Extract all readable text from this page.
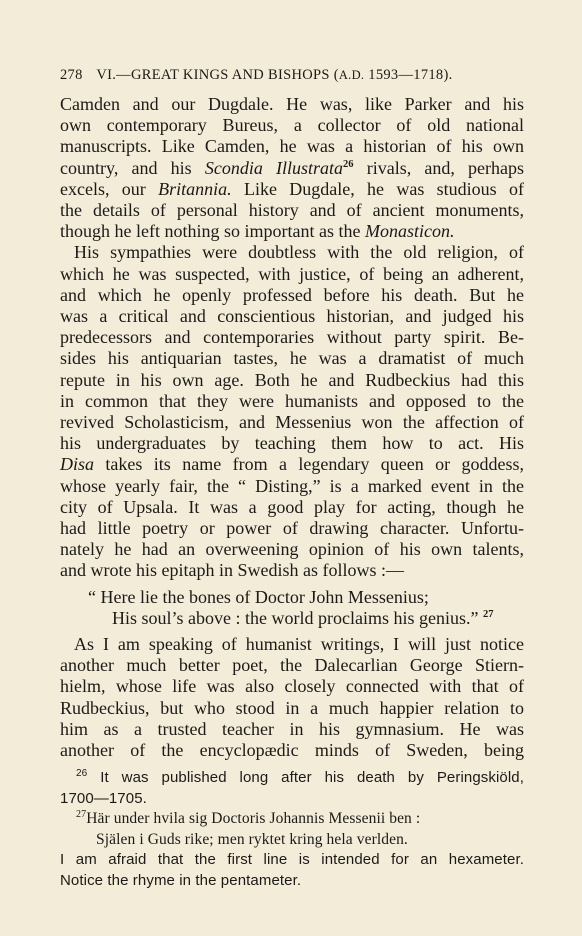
278 VI.—GREAT KINGS AND BISHOPS (A.D. 1593—1718).
Camden and our Dugdale. He was, like Parker and his
own contemporary Bureus, a collector of old national
manuscripts. Like Camden, he was a historian of his own
country, and his Scondia Illustrata$^{26}$ rivals, and, perhaps
excels, our Britannia. Like Dugdale, he was studious of
the details of personal history and of ancient monuments,
though he left nothing so important as the Monasticon.
His sympathies were doubtless with the old religion, of
which he was suspected, with justice, of being an adherent,
and which he openly professed before his death. But he
was a critical and conscientious historian, and judged his
predecessors and contemporaries without party spirit. Be-
sides his antiquarian tastes, he was a dramatist of much
repute in his own age. Both he and Rudbeckius had this
in common that they were humanists and opposed to the
revived Scholasticism, and Messenius won the affection of
his undergraduates by teaching them how to act. His
Disa takes its name from a legendary queen or goddess,
whose yearly fair, the “ Disting,” is a marked event in the
city of Upsala. It was a good play for acting, though he
had little poetry or power of drawing character. Unfortu-
nately he had an overweening opinion of his own talents,
and wrote his epitaph in Swedish as follows :—
“ Here lie the bones of Doctor John Messenius;
His soul’s above : the world proclaims his genius.” $^{27}$
As I am speaking of humanist writings, I will just notice
another much better poet, the Dalecarlian George Stiern-
hielm, whose life was also closely connected with that of
Rudbeckius, but who stood in a much happier relation to
him as a trusted teacher in his gymnasium. He was
another of the encyclopædic minds of Sweden, being
$^{26}$ It was published long after his death by Peringskiöld,
1700—1705.
$^{27}$Här under hvila sig Doctoris Johannis Messenii ben :
Själen i Guds rike; men ryktet kring hela verlden.
I am afraid that the first line is intended for an hexameter.
Notice the rhyme in the pentameter.
